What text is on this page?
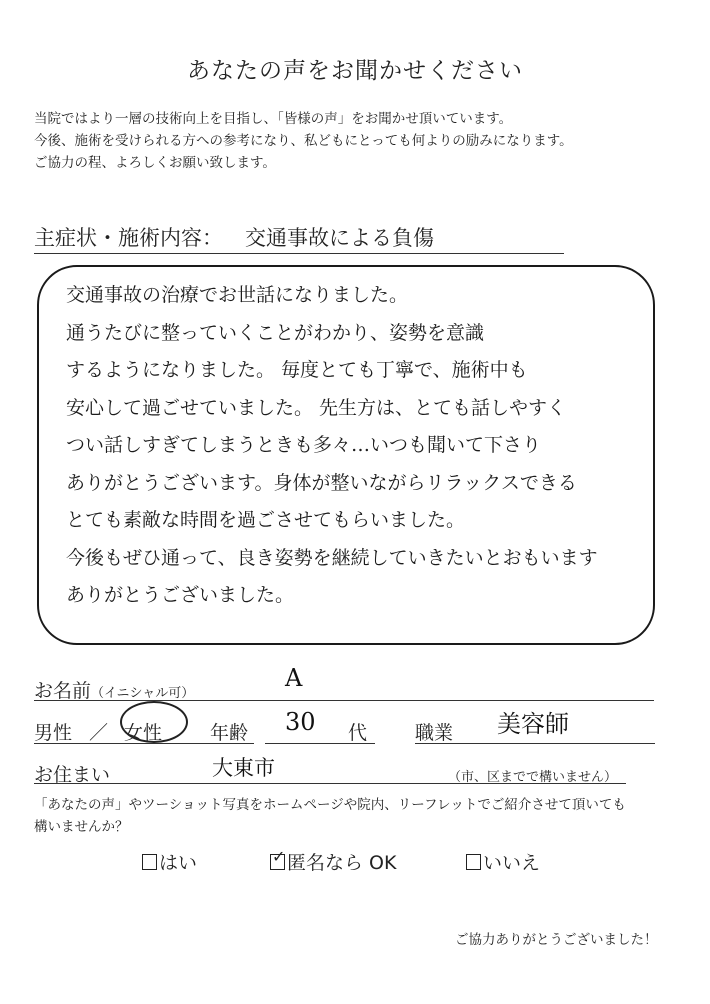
あなたの声をお聞かせください
当院ではより一層の技術向上を目指し、「皆様の声」をお聞かせ頂いています。
今後、施術を受けられる方への参考になり、私どもにとっても何よりの励みになります。
ご協力の程、よろしくお願い致します。
主症状・施術内容： 交通事故による負傷
交通事故の治療でお世話になりました。
通うたびに整っていくことがわかり、姿勢を意識
するようになりました。 毎度とても丁寧で、施術中も
安心して過ごせていました。 先生方は、とても話しやすく
つい話しすぎてしまうときも多々…いつも聞いて下さり
ありがとうございます。身体が整いながらリラックスできる
とても素敵な時間を過ごさせてもらいました。
今後もぜひ通って、良き姿勢を継続していきたいとおもいます
ありがとうございました。
お名前（イニシャル可）
A
男性 ／ 女性	年齢 30 代	職業 美容師
お住まい	大東市	（市、区までで構いません）
「あなたの声」やツーショット写真をホームページや院内、リーフレットでご紹介させて頂いても
構いませんか？
はい	✓ 匿名なら OK	いいえ
ご協力ありがとうございました！
